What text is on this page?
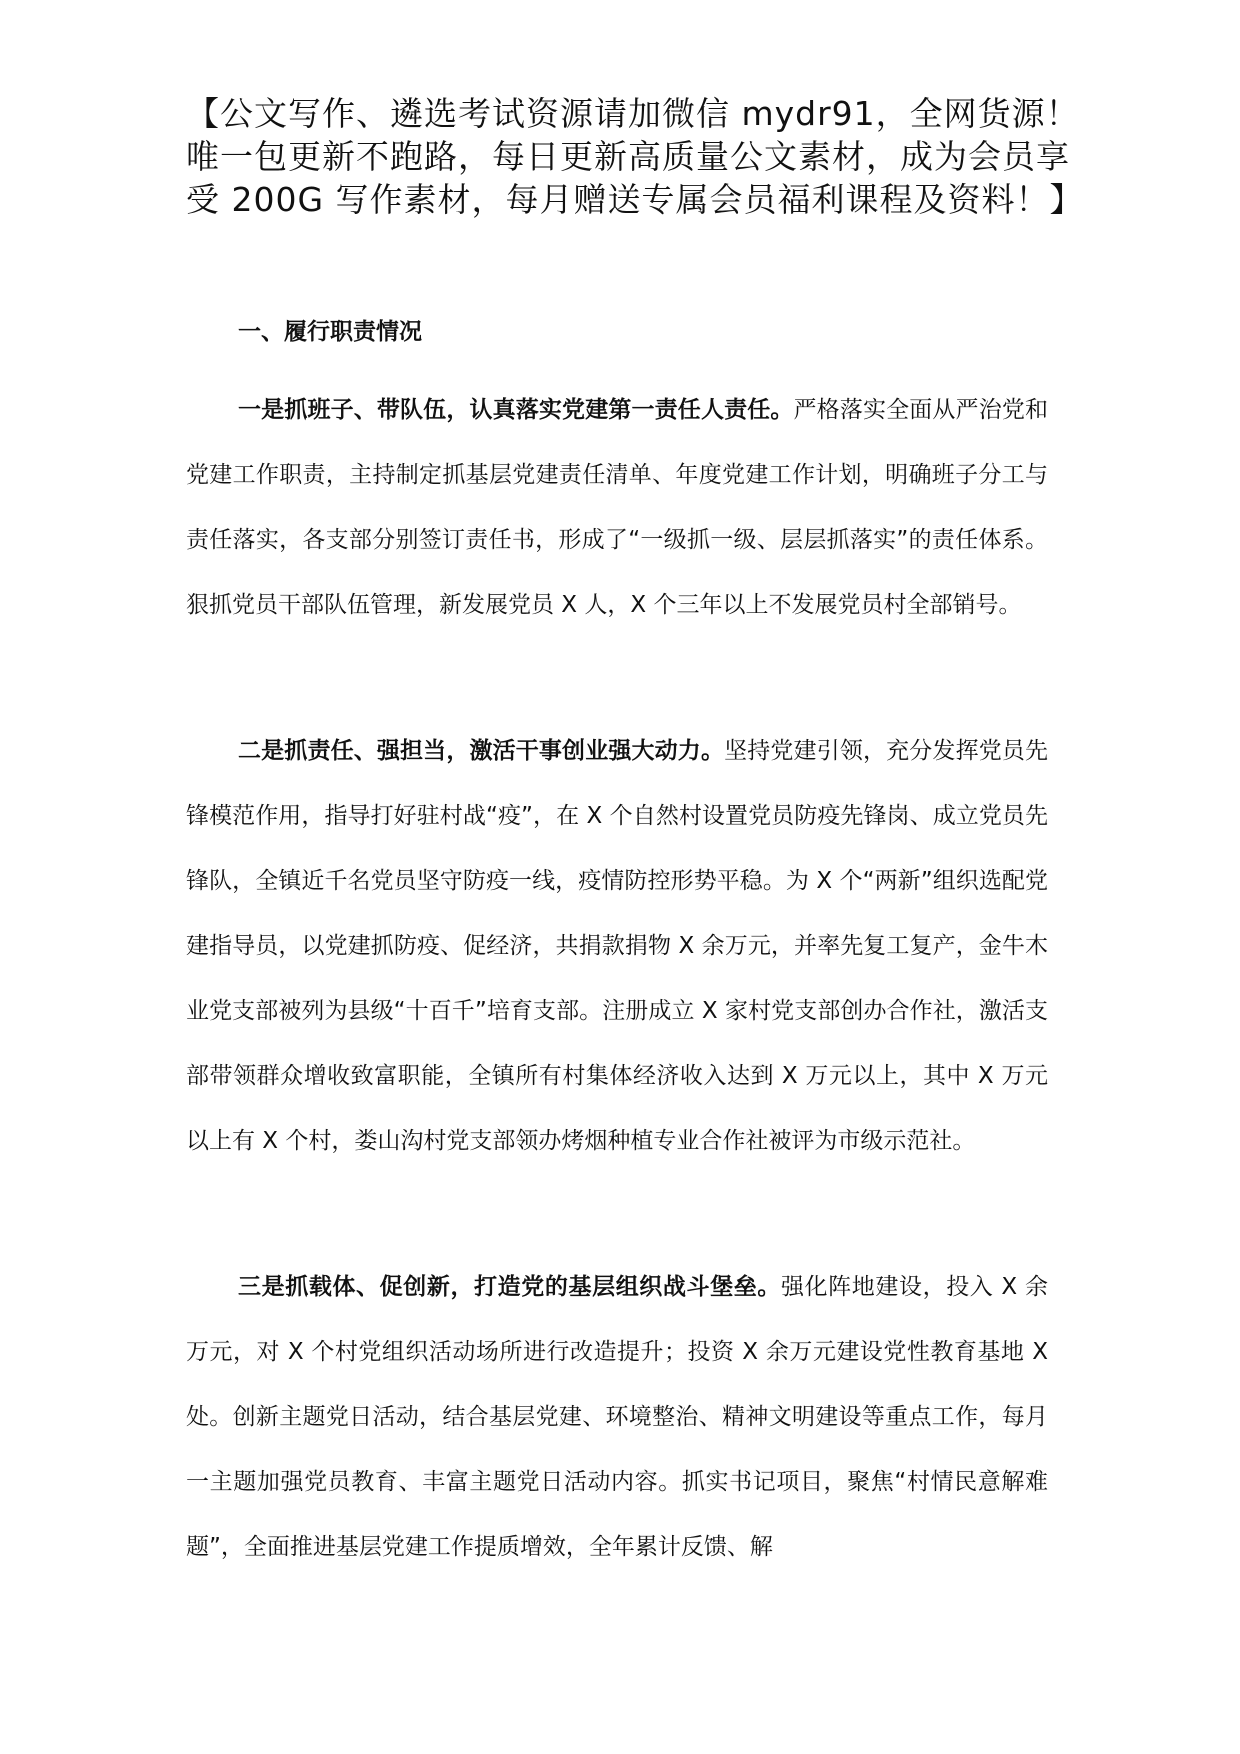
【公文写作、遴选考试资源请加微信 mydr91，全网货源！唯一包更新不跑路，每日更新高质量公文素材，成为会员享受 200G 写作素材，每月赠送专属会员福利课程及资料！】

一、履行职责情况

一是抓班子、带队伍，认真落实党建第一责任人责任。严格落实全面从严治党和党建工作职责，主持制定抓基层党建责任清单、年度党建工作计划，明确班子分工与责任落实，各支部分别签订责任书，形成了“一级抓一级、层层抓落实”的责任体系。狠抓党员干部队伍管理，新发展党员 X 人，X 个三年以上不发展党员村全部销号。

二是抓责任、强担当，激活干事创业强大动力。坚持党建引领，充分发挥党员先锋模范作用，指导打好驻村战“疫”，在 X 个自然村设置党员防疫先锋岗、成立党员先锋队，全镇近千名党员坚守防疫一线，疫情防控形势平稳。为 X 个“两新”组织选配党建指导员，以党建抓防疫、促经济，共捐款捐物 X 余万元，并率先复工复产，金牛木业党支部被列为县级“十百千”培育支部。注册成立 X 家村党支部创办合作社，激活支部带领群众增收致富职能，全镇所有村集体经济收入达到 X 万元以上，其中 X 万元以上有 X 个村，娄山沟村党支部领办烤烟种植专业合作社被评为市级示范社。

三是抓载体、促创新，打造党的基层组织战斗堡垒。强化阵地建设，投入 X 余万元，对 X 个村党组织活动场所进行改造提升；投资 X 余万元建设党性教育基地 X 处。创新主题党日活动，结合基层党建、环境整治、精神文明建设等重点工作，每月一主题加强党员教育、丰富主题党日活动内容。抓实书记项目，聚焦“村情民意解难题”，全面推进基层党建工作提质增效，全年累计反馈、解
